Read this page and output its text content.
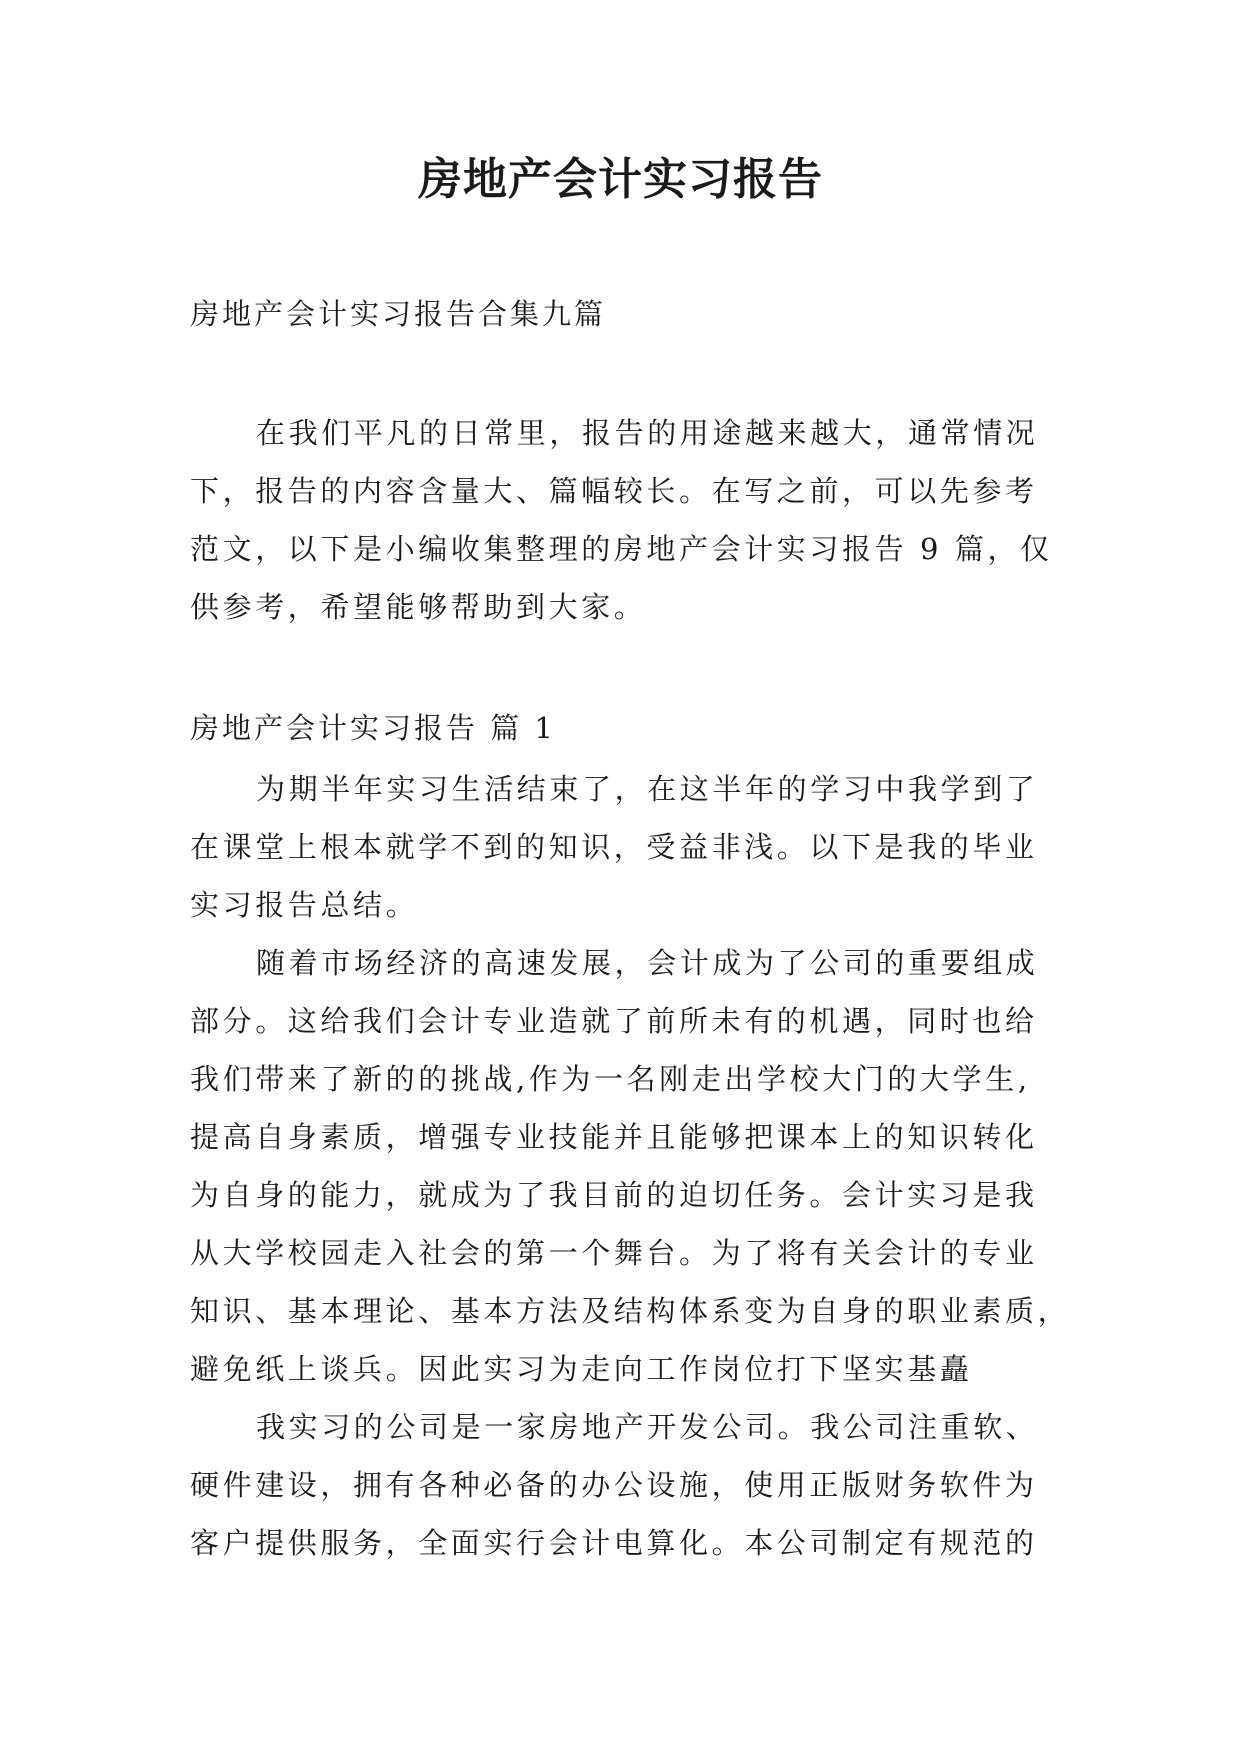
房地产会计实习报告

房地产会计实习报告合集九篇

在我们平凡的日常里，报告的用途越来越大，通常情况
下，报告的内容含量大、篇幅较长。在写之前，可以先参考
范文，以下是小编收集整理的房地产会计实习报告 9 篇，仅
供参考，希望能够帮助到大家。

房地产会计实习报告 篇 1

为期半年实习生活结束了，在这半年的学习中我学到了
在课堂上根本就学不到的知识，受益非浅。以下是我的毕业
实习报告总结。
随着市场经济的高速发展，会计成为了公司的重要组成
部分。这给我们会计专业造就了前所未有的机遇，同时也给
我们带来了新的的挑战,作为一名刚走出学校大门的大学生,
提高自身素质，增强专业技能并且能够把课本上的知识转化
为自身的能力，就成为了我目前的迫切任务。会计实习是我
从大学校园走入社会的第一个舞台。为了将有关会计的专业
知识、基本理论、基本方法及结构体系变为自身的职业素质，
避免纸上谈兵。因此实习为走向工作岗位打下坚实基矗
我实习的公司是一家房地产开发公司。我公司注重软、
硬件建设，拥有各种必备的办公设施，使用正版财务软件为
客户提供服务，全面实行会计电算化。本公司制定有规范的
